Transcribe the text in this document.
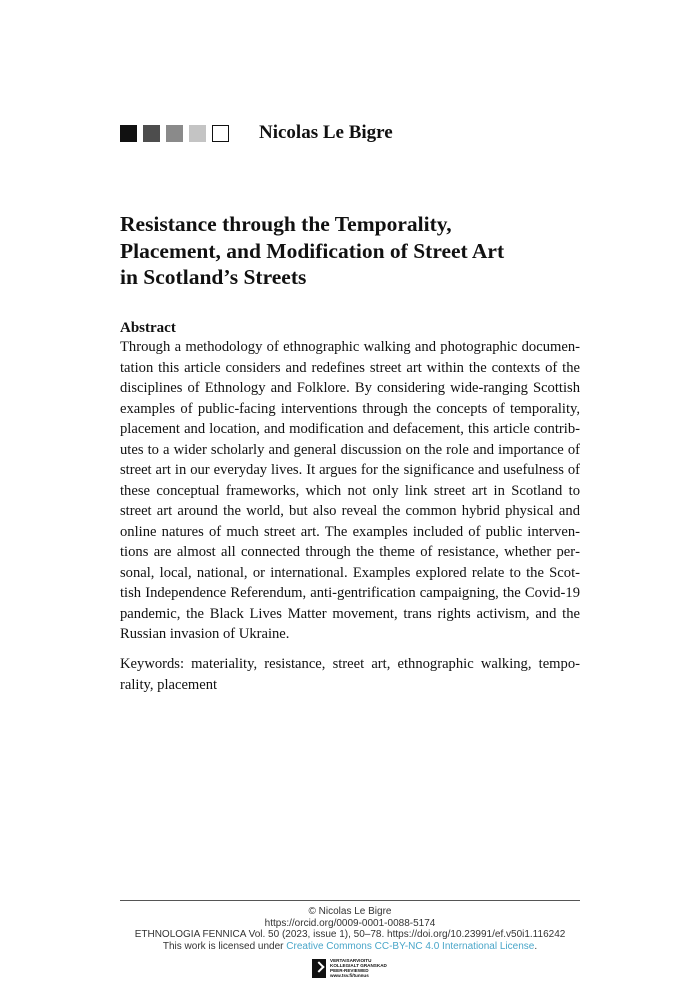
Nicolas Le Bigre
Resistance through the Temporality,
Placement, and Modification of Street Art
in Scotland’s Streets
Abstract

Through a methodology of ethnographic walking and photographic documentation this article considers and redefines street art within the contexts of the disciplines of Ethnology and Folklore. By considering wide-ranging Scottish examples of public-facing interventions through the concepts of temporality, placement and location, and modification and defacement, this article contributes to a wider scholarly and general discussion on the role and importance of street art in our everyday lives. It argues for the significance and usefulness of these conceptual frameworks, which not only link street art in Scotland to street art around the world, but also reveal the common hybrid physical and online natures of much street art. The examples included of public interventions are almost all connected through the theme of resistance, whether personal, local, national, or international. Examples explored relate to the Scottish Independence Referendum, anti-gentrification campaigning, the Covid-19 pandemic, the Black Lives Matter movement, trans rights activism, and the Russian invasion of Ukraine.

Keywords: materiality, resistance, street art, ethnographic walking, temporality, placement

© Nicolas Le Bigre
https://orcid.org/0009-0001-0088-5174
ETHNOLOGIA FENNICA Vol. 50 (2023, issue 1), 50–78. https://doi.org/10.23991/ef.v50i1.116242
This work is licensed under Creative Commons CC-BY-NC 4.0 International License.
VERTAISARVIOITU
KOLLEGIALT GRANSKAD
PEER-REVIEWED
www.tsv.fi/tunnus
